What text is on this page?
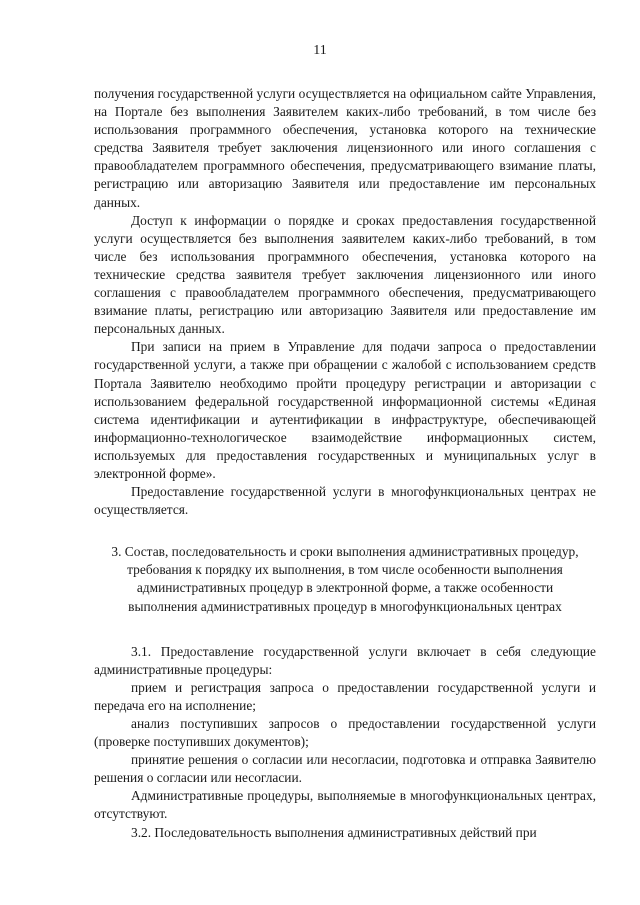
11

получения государственной услуги осуществляется на официальном сайте Управления, на Портале без выполнения Заявителем каких-либо требований, в том числе без использования программного обеспечения, установка которого на технические средства Заявителя требует заключения лицензионного или иного соглашения с правообладателем программного обеспечения, предусматривающего взимание платы, регистрацию или авторизацию Заявителя или предоставление им персональных данных.

Доступ к информации о порядке и сроках предоставления государственной услуги осуществляется без выполнения заявителем каких-либо требований, в том числе без использования программного обеспечения, установка которого на технические средства заявителя требует заключения лицензионного или иного соглашения с правообладателем программного обеспечения, предусматривающего взимание платы, регистрацию или авторизацию Заявителя или предоставление им персональных данных.

При записи на прием в Управление для подачи запроса о предоставлении государственной услуги, а также при обращении с жалобой с использованием средств Портала Заявителю необходимо пройти процедуру регистрации и авторизации с использованием федеральной государственной информационной системы «Единая система идентификации и аутентификации в инфраструктуре, обеспечивающей информационно-технологическое взаимодействие информационных систем, используемых для предоставления государственных и муниципальных услуг в электронной форме».

Предоставление государственной услуги в многофункциональных центрах не осуществляется.

3. Состав, последовательность и сроки выполнения административных процедур, требования к порядку их выполнения, в том числе особенности выполнения административных процедур в электронной форме, а также особенности выполнения административных процедур в многофункциональных центрах

3.1. Предоставление государственной услуги включает в себя следующие административные процедуры:

прием и регистрация запроса о предоставлении государственной услуги и передача его на исполнение;

анализ поступивших запросов о предоставлении государственной услуги (проверке поступивших документов);

принятие решения о согласии или несогласии, подготовка и отправка Заявителю решения о согласии или несогласии.

Административные процедуры, выполняемые в многофункциональных центрах, отсутствуют.

3.2. Последовательность выполнения административных действий при
